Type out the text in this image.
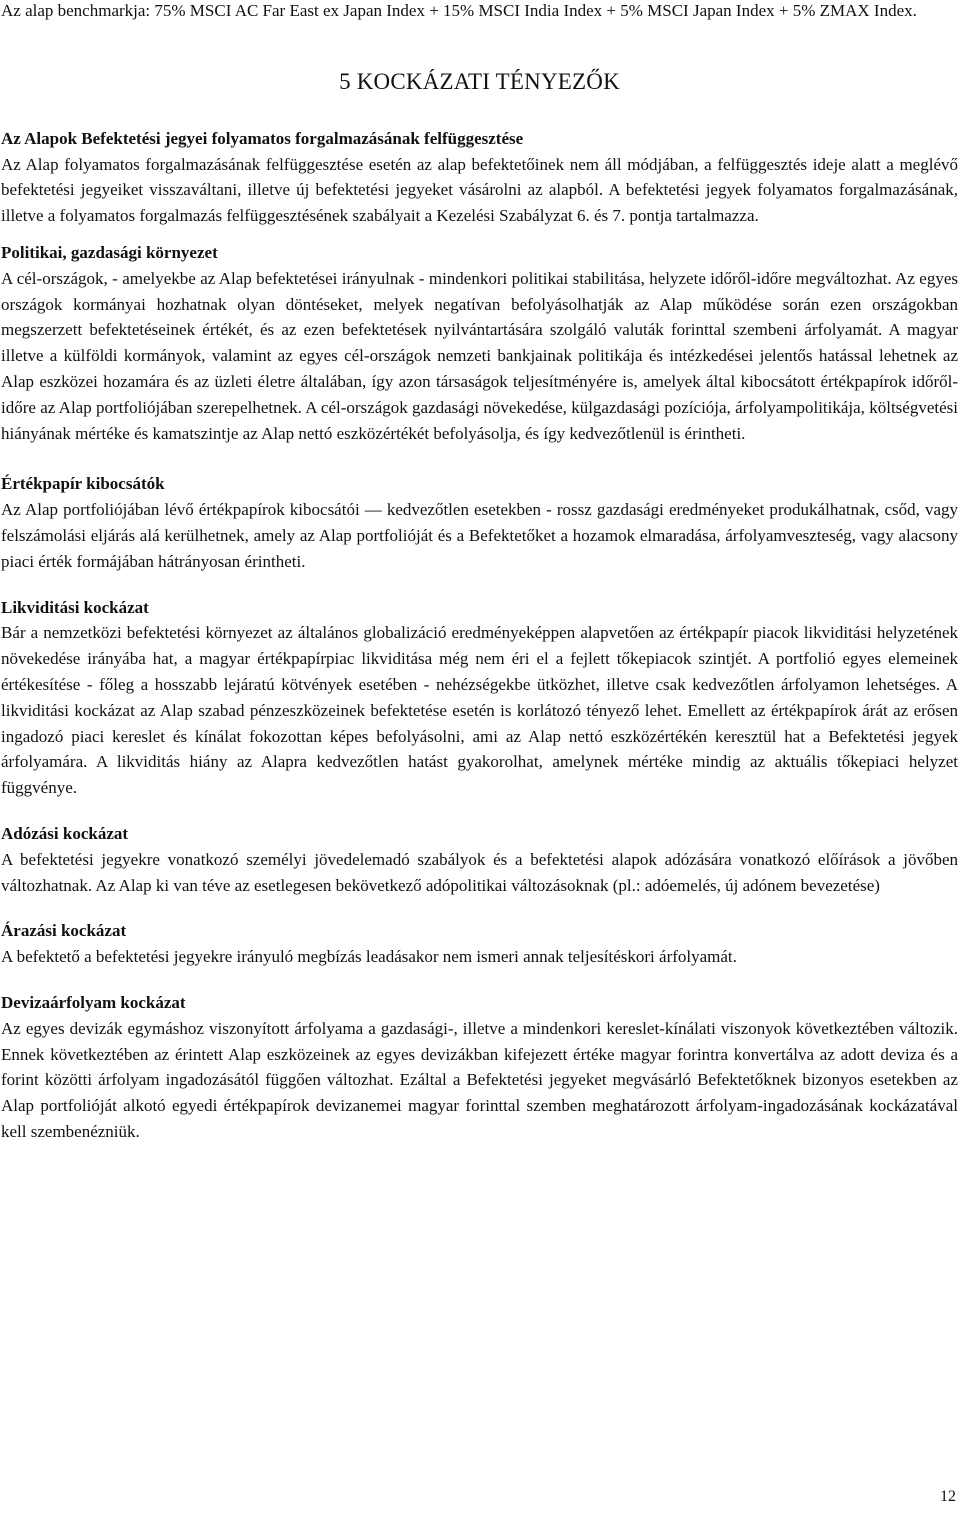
Az alap benchmarkja: 75% MSCI AC Far East ex Japan Index + 15% MSCI India Index + 5% MSCI Japan Index + 5% ZMAX Index.

5 KOCKÁZATI TÉNYEZŐK

Az Alapok Befektetési jegyei folyamatos forgalmazásának felfüggesztése

Az Alap folyamatos forgalmazásának felfüggesztése esetén az alap befektetőinek nem áll módjában, a felfüggesztés ideje alatt a meglévő befektetési jegyeiket visszaváltani, illetve új befektetési jegyeket vásárolni az alapból. A befektetési jegyek folyamatos forgalmazásának, illetve a folyamatos forgalmazás felfüggesztésének szabályait a Kezelési Szabályzat 6. és 7. pontja tartalmazza.

Politikai, gazdasági környezet

A cél-országok, - amelyekbe az Alap befektetései irányulnak - mindenkori politikai stabilitása, helyzete időről-időre megváltozhat. Az egyes országok kormányai hozhatnak olyan döntéseket, melyek negatívan befolyásolhatják az Alap működése során ezen országokban megszerzett befektetéseinek értékét, és az ezen befektetések nyilvántartására szolgáló valuták forinttal szembeni árfolyamát. A magyar illetve a külföldi kormányok, valamint az egyes cél-országok nemzeti bankjainak politikája és intézkedései jelentős hatással lehetnek az Alap eszközei hozamára és az üzleti életre általában, így azon társaságok teljesítményére is, amelyek által kibocsátott értékpapírok időről-időre az Alap portfoliójában szerepelhetnek. A cél-országok gazdasági növekedése, külgazdasági pozíciója, árfolyampolitikája, költségvetési hiányának mértéke és kamatszintje az Alap nettó eszközértékét befolyásolja, és így kedvezőtlenül is érintheti.

Értékpapír kibocsátók

Az Alap portfoliójában lévő értékpapírok kibocsátói ― kedvezőtlen esetekben - rossz gazdasági eredményeket produkálhatnak, csőd, vagy felszámolási eljárás alá kerülhetnek, amely az Alap portfolióját és a Befektetőket a hozamok elmaradása, árfolyamveszteség, vagy alacsony piaci érték formájában hátrányosan érintheti.

Likviditási kockázat

Bár a nemzetközi befektetési környezet az általános globalizáció eredményeképpen alapvetően az értékpapír piacok likviditási helyzetének növekedése irányába hat, a magyar értékpapírpiac likviditása még nem éri el a fejlett tőkepiacok szintjét. A portfolió egyes elemeinek értékesítése - főleg a hosszabb lejáratú kötvények esetében - nehézségekbe ütközhet, illetve csak kedvezőtlen árfolyamon lehetséges. A likviditási kockázat az Alap szabad pénzeszközeinek befektetése esetén is korlátozó tényező lehet. Emellett az értékpapírok árát az erősen ingadozó piaci kereslet és kínálat fokozottan képes befolyásolni, ami az Alap nettó eszközértékén keresztül hat a Befektetési jegyek árfolyamára. A likviditás hiány az Alapra kedvezőtlen hatást gyakorolhat, amelynek mértéke mindig az aktuális tőkepiaci helyzet függvénye.

Adózási kockázat

A befektetési jegyekre vonatkozó személyi jövedelemadó szabályok és a befektetési alapok adózására vonatkozó előírások a jövőben változhatnak. Az Alap ki van téve az esetlegesen bekövetkező adópolitikai változásoknak (pl.: adóemelés, új adónem bevezetése)

Árazási kockázat

A befektető a befektetési jegyekre irányuló megbízás leadásakor nem ismeri annak teljesítéskori árfolyamát.

Devizaárfolyam kockázat

Az egyes devizák egymáshoz viszonyított árfolyama a gazdasági-, illetve a mindenkori kereslet-kínálati viszonyok következtében változik. Ennek következtében az érintett Alap eszközeinek az egyes devizákban kifejezett értéke magyar forintra konvertálva az adott deviza és a forint közötti árfolyam ingadozásától függően változhat. Ezáltal a Befektetési jegyeket megvásárló Befektetőknek bizonyos esetekben az Alap portfolióját alkotó egyedi értékpapírok devizanemei magyar forinttal szemben meghatározott árfolyam-ingadozásának kockázatával kell szembenézniük.

12
